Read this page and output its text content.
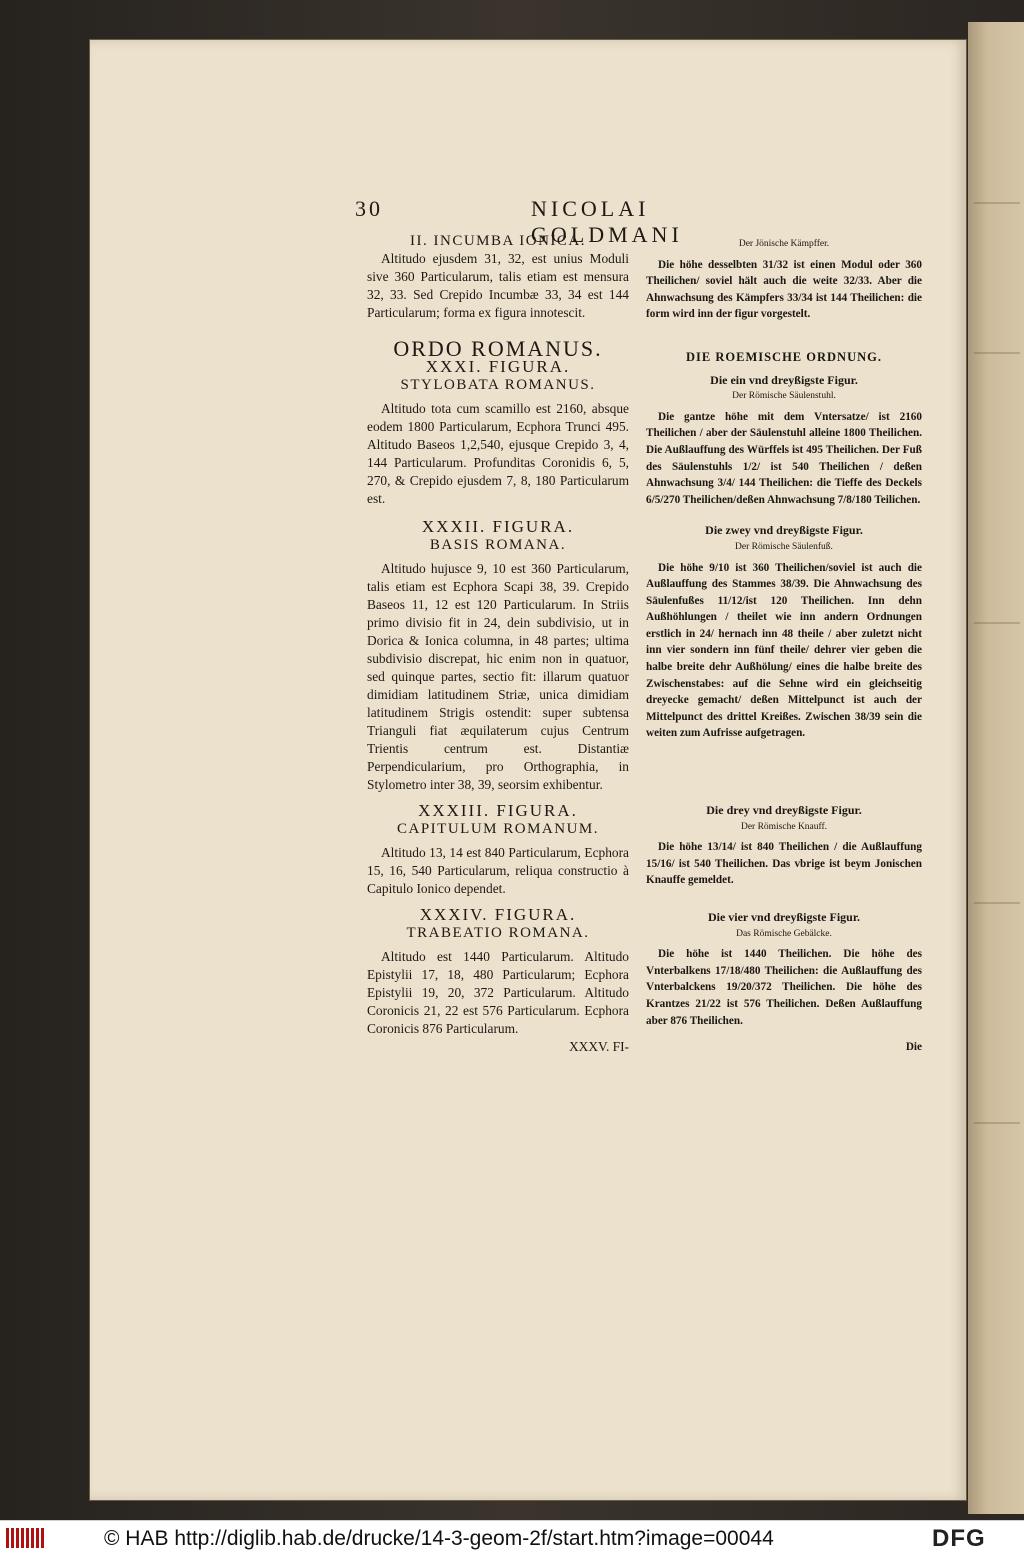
30	NICOLAI GOLDMANI

II. INCUMBA IONICA.

Altitudo ejusdem 31, 32, est unius Moduli sive 360 Particularum, talis etiam est mensura 32, 33. Sed Crepido Incumbæ 33, 34 est 144 Particularum; forma ex figura innotescit.

ORDO ROMANUS.

XXXI. FIGURA.

STYLOBATA ROMANUS.

Altitudo tota cum scamillo est 2160, absque eodem 1800 Particularum, Ecphora Trunci 495. Altitudo Baseos 1,2,540, ejusque Crepido 3, 4, 144 Particularum. Profunditas Coronidis 6, 5, 270, & Crepido ejusdem 7, 8, 180 Particularum est.

XXXII. FIGURA.

BASIS ROMANA.

Altitudo hujusce 9, 10 est 360 Particularum, talis etiam est Ecphora Scapi 38, 39. Crepido Baseos 11, 12 est 120 Particularum. In Striis primo divisio fit in 24, dein subdivisio, ut in Dorica & Ionica columna, in 48 partes; ultima subdivisio discrepat, hic enim non in quatuor, sed quinque partes, sectio fit: illarum quatuor dimidiam latitudinem Striæ, unica dimidiam latitudinem Strigis ostendit: super subtensa Trianguli fiat æquilaterum cujus Centrum Trientis centrum est. Distantiæ Perpendicularium, pro Orthographia, in Stylometro inter 38, 39, seorsim exhibentur.

XXXIII. FIGURA.

CAPITULUM ROMANUM.

Altitudo 13, 14 est 840 Particularum, Ecphora 15, 16, 540 Particularum, reliqua constructio à Capitulo Ionico dependet.

XXXIV. FIGURA.

TRABEATIO ROMANA.

Altitudo est 1440 Particularum. Altitudo Epistylii 17, 18, 480 Particularum; Ecphora Epistylii 19, 20, 372 Particularum. Altitudo Coronicis 21, 22 est 576 Particularum. Ecphora Coronicis 876 Particularum.

XXXV. FI-

Der Jönische Kämpffer.

Die höhe desselbten 31/32 ist einen Modul oder 360 Theilichen/ soviel hält auch die weite 32/33. Aber die Ahnwachsung des Kämpfers 33/34 ist 144 Theilichen: die form wird inn der figur vorgestelt.

DIE ROEMISCHE ORDNUNG.

Die ein vnd dreyßigste Figur.

Der Römische Säulenstuhl.

Die gantze höhe mit dem Vntersatze/ ist 2160 Theilichen / aber der Säulenstuhl alleine 1800 Theilichen. Die Außlauffung des Würffels ist 495 Theilichen. Der Fuß des Säulenstuhls 1/2/ ist 540 Theilichen / deßen Ahnwachsung 3/4/ 144 Theilichen: die Tieffe des Deckels 6/5/270 Theilichen/deßen Ahnwachsung 7/8/180 Teilichen.

Die zwey vnd dreyßigste Figur.

Der Römische Säulenfuß.

Die höhe 9/10 ist 360 Theilichen/soviel ist auch die Außlauffung des Stammes 38/39. Die Ahnwachsung des Säulenfußes 11/12/ist 120 Theilichen. Inn dehn Außhöhlungen / theilet wie inn andern Ordnungen erstlich in 24/ hernach inn 48 theile / aber zuletzt nicht inn vier sondern inn fünf theile/ dehrer vier geben die halbe breite dehr Außhölung/ eines die halbe breite des Zwischenstabes: auf die Sehne wird ein gleichseitig dreyecke gemacht/ deßen Mittelpunct ist auch der Mittelpunct des drittel Kreißes. Zwischen 38/39 sein die weiten zum Aufrisse aufgetragen.

Die drey vnd dreyßigste Figur.

Der Römische Knauff.

Die höhe 13/14/ ist 840 Theilichen / die Außlauffung 15/16/ ist 540 Theilichen. Das vbrige ist beym Jonischen Knauffe gemeldet.

Die vier vnd dreyßigste Figur.

Das Römische Gebälcke.

Die höhe ist 1440 Theilichen. Die höhe des Vnterbalkens 17/18/480 Theilichen: die Außlauffung des Vnterbalckens 19/20/372 Theilichen. Die höhe des Krantzes 21/22 ist 576 Theilichen. Deßen Außlauffung aber 876 Theilichen.

Die

© HAB http://diglib.hab.de/drucke/14-3-geom-2f/start.htm?image=00044	DFG
